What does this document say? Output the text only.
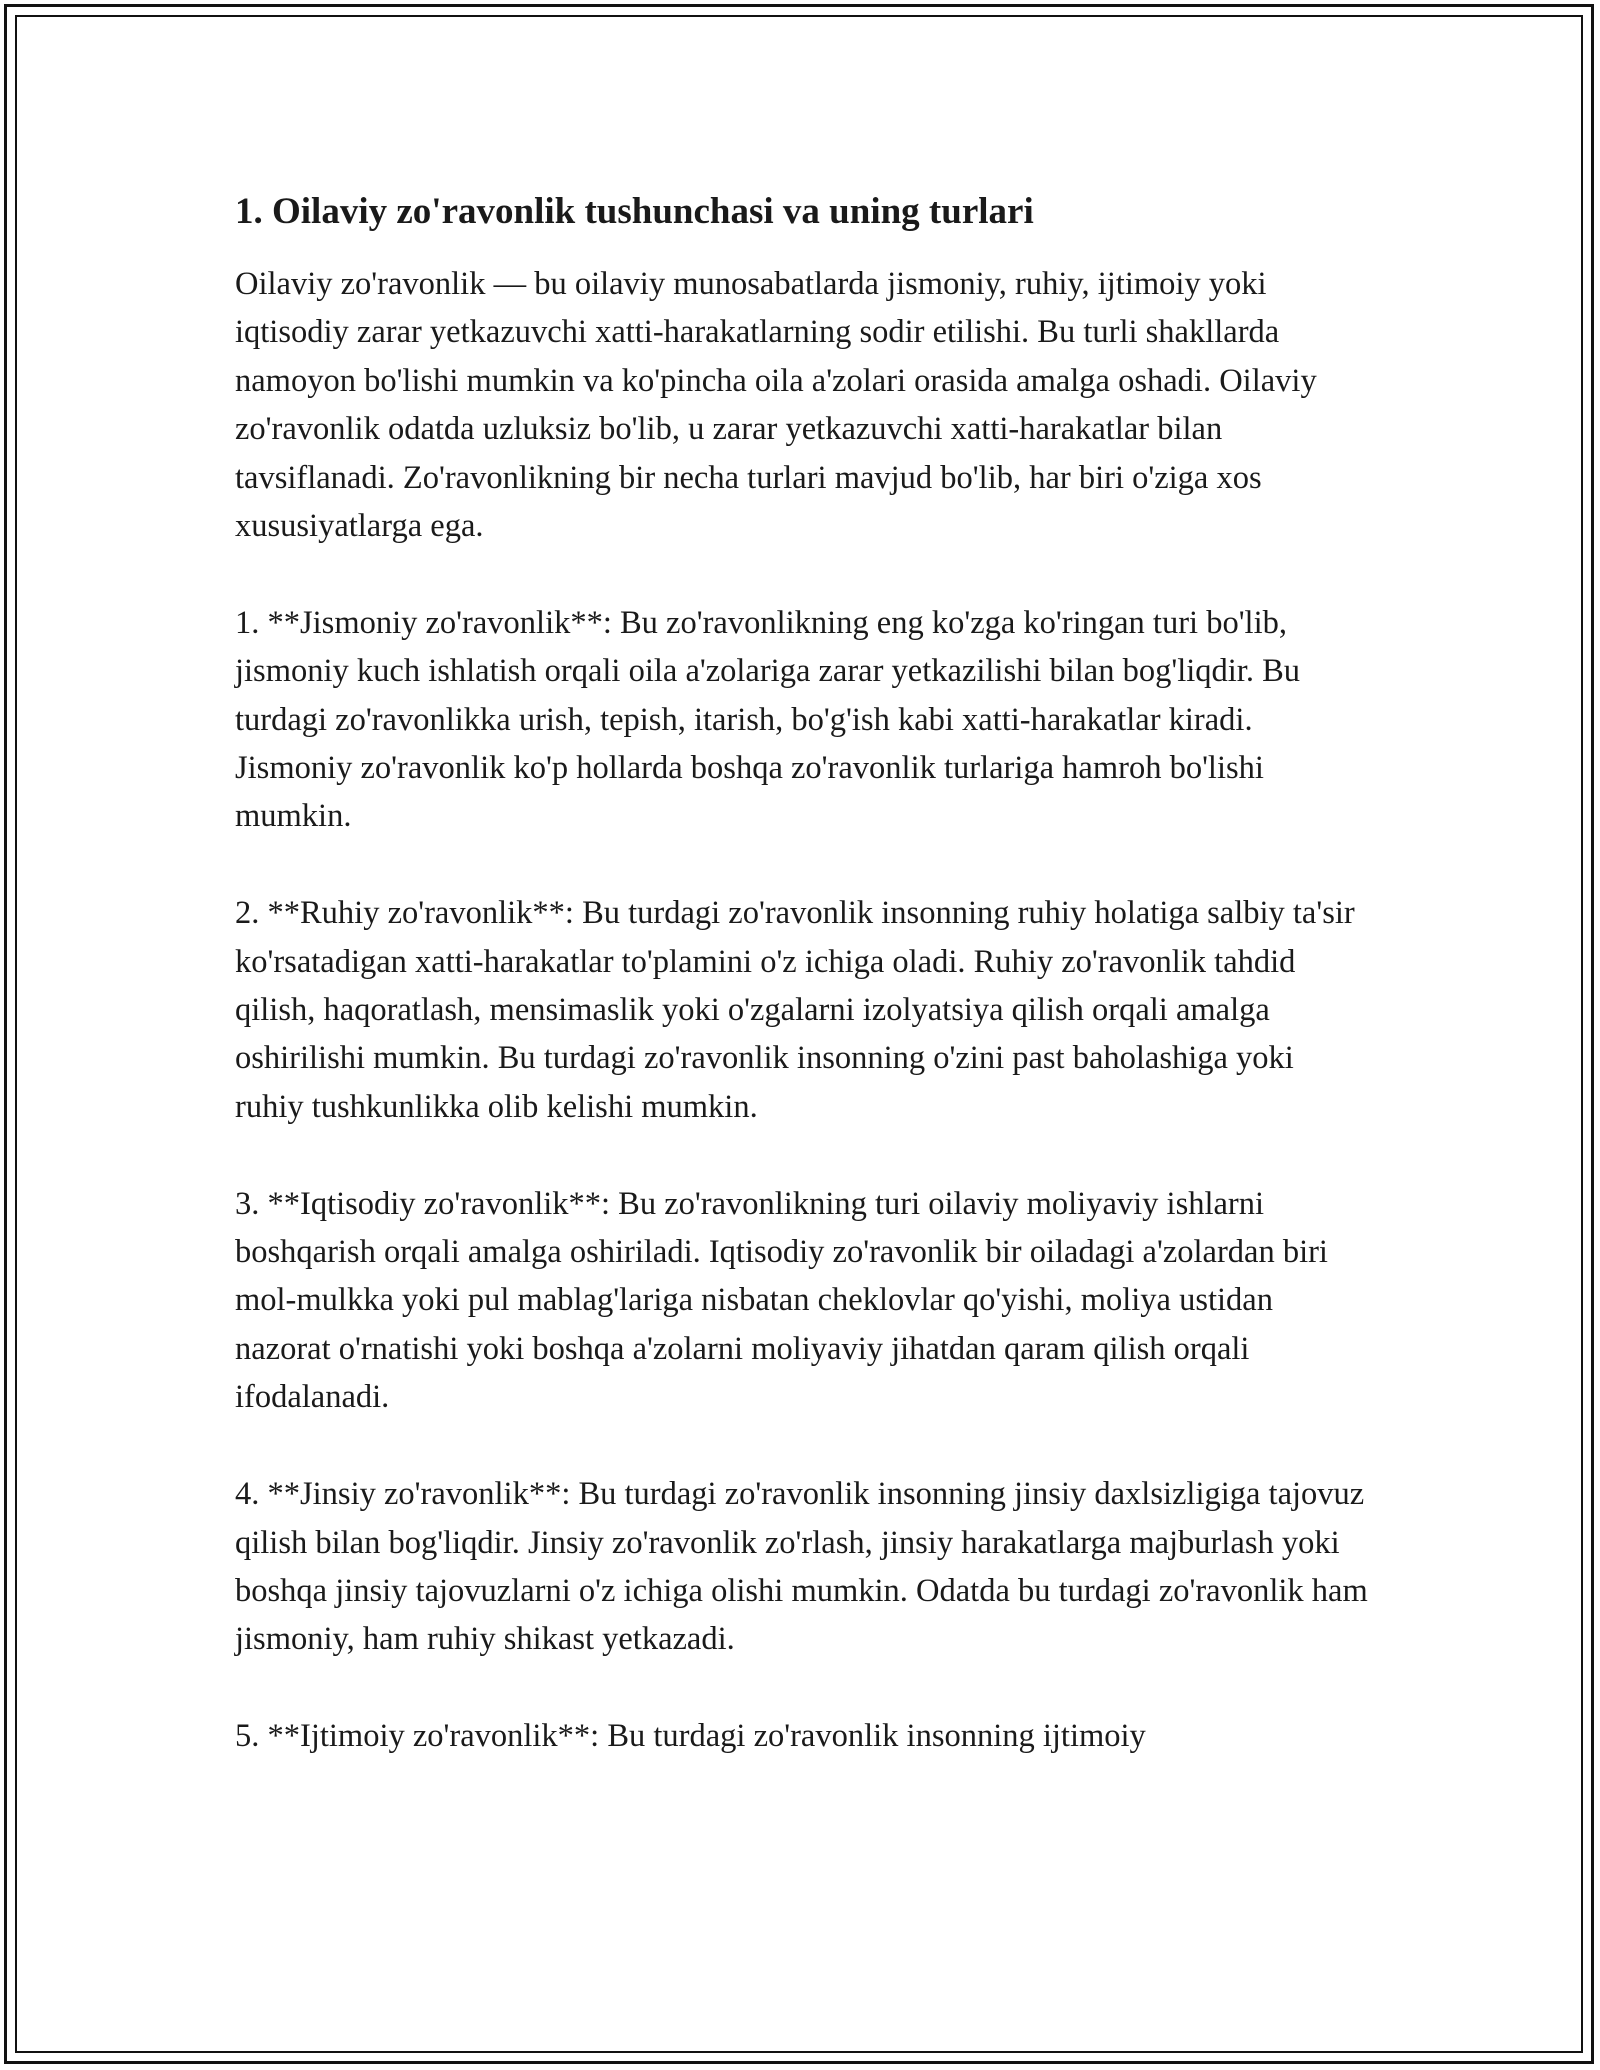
1. Oilaviy zo'ravonlik tushunchasi va uning turlari

Oilaviy zo'ravonlik — bu oilaviy munosabatlarda jismoniy, ruhiy, ijtimoiy yoki iqtisodiy zarar yetkazuvchi xatti-harakatlarning sodir etilishi. Bu turli shakllarda namoyon bo'lishi mumkin va ko'pincha oila a'zolari orasida amalga oshadi. Oilaviy zo'ravonlik odatda uzluksiz bo'lib, u zarar yetkazuvchi xatti-harakatlar bilan tavsiflanadi. Zo'ravonlikning bir necha turlari mavjud bo'lib, har biri o'ziga xos xususiyatlarga ega.

1. **Jismoniy zo'ravonlik**: Bu zo'ravonlikning eng ko'zga ko'ringan turi bo'lib, jismoniy kuch ishlatish orqali oila a'zolariga zarar yetkazilishi bilan bog'liqdir. Bu turdagi zo'ravonlikka urish, tepish, itarish, bo'g'ish kabi xatti-harakatlar kiradi. Jismoniy zo'ravonlik ko'p hollarda boshqa zo'ravonlik turlariga hamroh bo'lishi mumkin.

2. **Ruhiy zo'ravonlik**: Bu turdagi zo'ravonlik insonning ruhiy holatiga salbiy ta'sir ko'rsatadigan xatti-harakatlar to'plamini o'z ichiga oladi. Ruhiy zo'ravonlik tahdid qilish, haqoratlash, mensimaslik yoki o'zgalarni izolyatsiya qilish orqali amalga oshirilishi mumkin. Bu turdagi zo'ravonlik insonning o'zini past baholashiga yoki ruhiy tushkunlikka olib kelishi mumkin.

3. **Iqtisodiy zo'ravonlik**: Bu zo'ravonlikning turi oilaviy moliyaviy ishlarni boshqarish orqali amalga oshiriladi. Iqtisodiy zo'ravonlik bir oiladagi a'zolardan biri mol-mulkka yoki pul mablag'lariga nisbatan cheklovlar qo'yishi, moliya ustidan nazorat o'rnatishi yoki boshqa a'zolarni moliyaviy jihatdan qaram qilish orqali ifodalanadi.

4. **Jinsiy zo'ravonlik**: Bu turdagi zo'ravonlik insonning jinsiy daxlsizligiga tajovuz qilish bilan bog'liqdir. Jinsiy zo'ravonlik zo'rlash, jinsiy harakatlarga majburlash yoki boshqa jinsiy tajovuzlarni o'z ichiga olishi mumkin. Odatda bu turdagi zo'ravonlik ham jismoniy, ham ruhiy shikast yetkazadi.

5. **Ijtimoiy zo'ravonlik**: Bu turdagi zo'ravonlik insonning ijtimoiy
